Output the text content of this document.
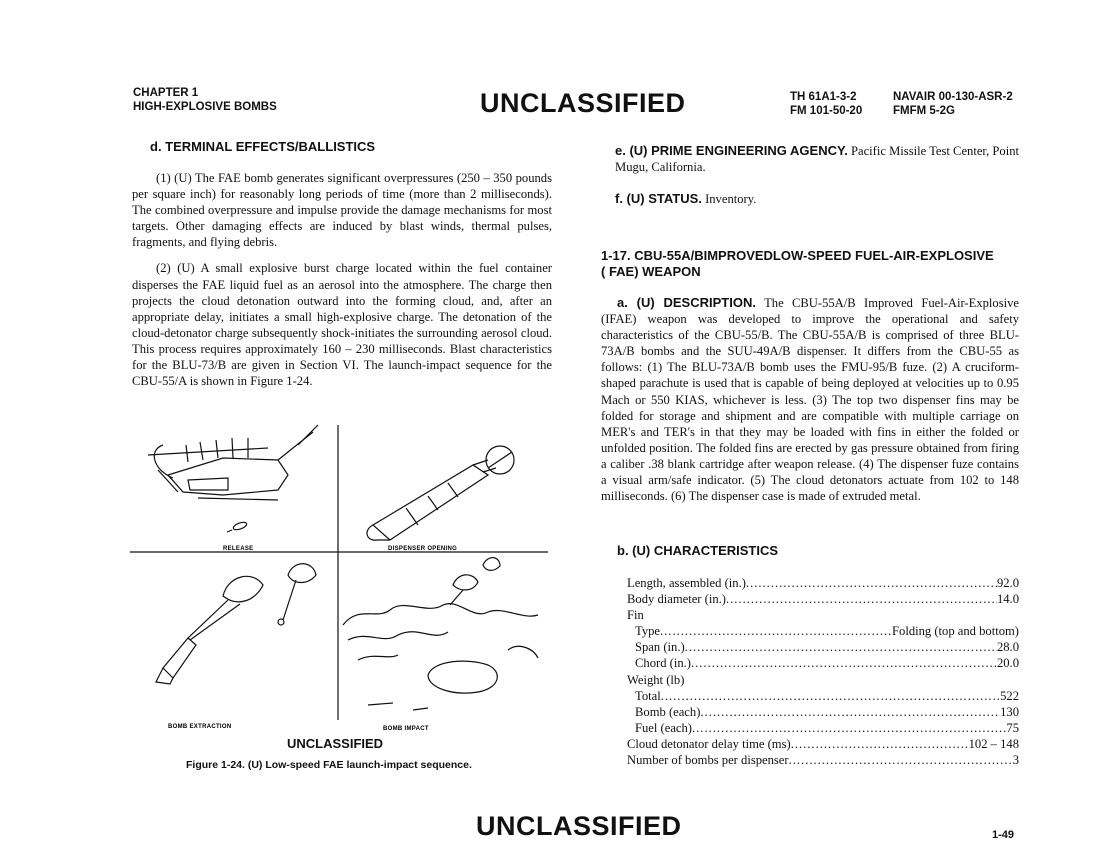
CHAPTER 1
HIGH-EXPLOSIVE BOMBS	UNCLASSIFIED	TH 61A1-3-2	NAVAIR 00-130-ASR-2
FM 101-50-20	FMFM 5-2G
d. TERMINAL EFFECTS/BALLISTICS

(1) (U) The FAE bomb generates significant overpressures (250 – 350 pounds per square inch) for reasonably long periods of time (more than 2 milliseconds). The combined overpressure and impulse provide the damage mechanisms for most targets. Other damaging effects are induced by blast winds, thermal pulses, fragments, and flying debris.

(2) (U) A small explosive burst charge located within the fuel container disperses the FAE liquid fuel as an aerosol into the atmosphere. The charge then projects the cloud detonation outward into the forming cloud, and, after an appropriate delay, initiates a small high-explosive charge. The detonation of the cloud-detonator charge subsequently shock-initiates the surrounding aerosol cloud. This process requires approximately 160 – 230 milliseconds. Blast characteristics for the BLU-73/B are given in Section VI. The launch-impact sequence for the CBU-55/A is shown in Figure 1-24.

RELEASE	DISPENSER OPENING
BOMB EXTRACTION	BOMB IMPACT
UNCLASSIFIED
Figure 1-24. (U) Low-speed FAE launch-impact sequence.
e. (U) PRIME ENGINEERING AGENCY. Pacific Missile Test Center, Point Mugu, California.
f. (U) STATUS. Inventory.
1-17. CBU-55A/BIMPROVEDLOW-SPEED FUEL-AIR-EXPLOSIVE
( FAE) WEAPON
a. (U) DESCRIPTION. The CBU-55A/B Improved Fuel-Air-Explosive (IFAE) weapon was developed to improve the operational and safety characteristics of the CBU-55/B. The CBU-55A/B is comprised of three BLU-73A/B bombs and the SUU-49A/B dispenser. It differs from the CBU-55 as follows: (1) The BLU-73A/B bomb uses the FMU-95/B fuze. (2) A cruciform-shaped parachute is used that is capable of being deployed at velocities up to 0.95 Mach or 550 KIAS, whichever is less. (3) The top two dispenser fins may be folded for storage and shipment and are compatible with multiple carriage on MER's and TER's in that they may be loaded with fins in either the folded or unfolded position. The folded fins are erected by gas pressure obtained from firing a caliber .38 blank cartridge after weapon release. (4) The dispenser fuze contains a visual arm/safe indicator. (5) The cloud detonators actuate from 102 to 148 milliseconds. (6) The dispenser case is made of extruded metal.
b. (U) CHARACTERISTICS
Length, assembled (in.) .....	92.0
Body diameter (in.) .....	14.0
Fin
Type .....	Folding (top and bottom)
Span (in.) .....	28.0
Chord (in.) .....	20.0
Weight (lb)
Total .....	522
Bomb (each) .....	130
Fuel (each) .....	75
Cloud detonator delay time (ms) .....	102 – 148
Number of bombs per dispenser .....	3
UNCLASSIFIED	1-49
